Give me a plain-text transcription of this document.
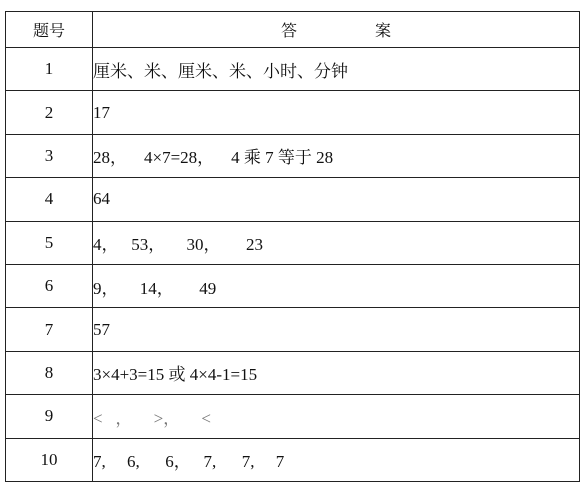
题号	答 案
1	厘米、米、厘米、米、小时、分钟
2	17
3	28，    4×7=28，    4 乘 7 等于 28
4	64
5	4，   53，     30，      23
6	9，     14，      49
7	57
8	3×4+3=15 或 4×4-1=15
9	<   ，     >，     <
10	7,     6,      6，   7,      7,     7
